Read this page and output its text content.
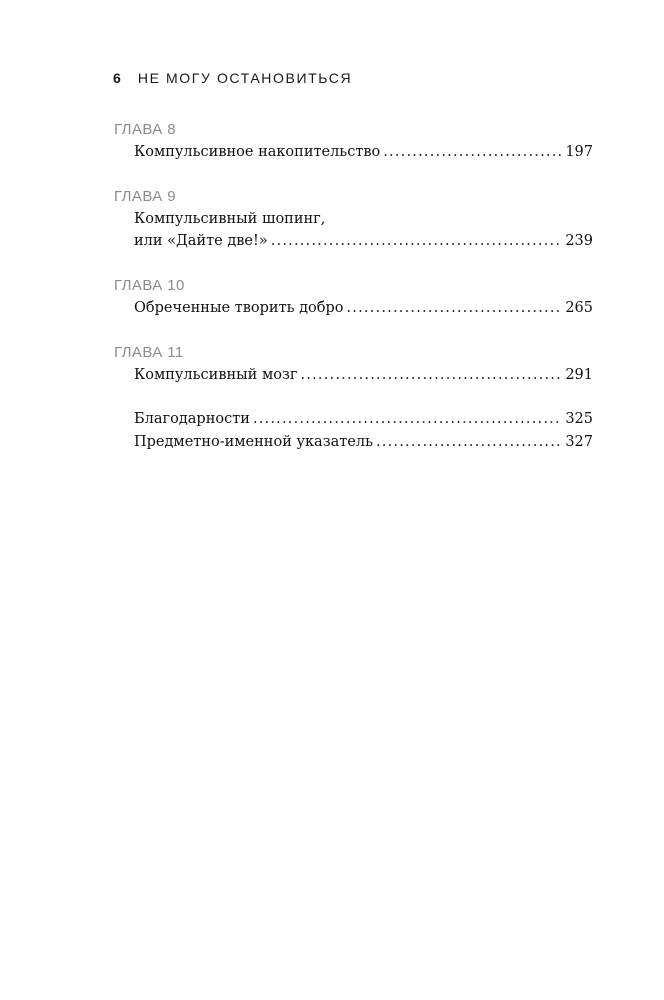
6 НЕ МОГУ ОСТАНОВИТЬСЯ
ГЛАВА 8
Компульсивное накопительство .....	197
ГЛАВА 9
Компульсивный шопинг,
или «Дайте две!» .....	239
ГЛАВА 10
Обреченные творить добро .....	265
ГЛАВА 11
Компульсивный мозг .....	291
Благодарности .....	325
Предметно-именной указатель .....	327
